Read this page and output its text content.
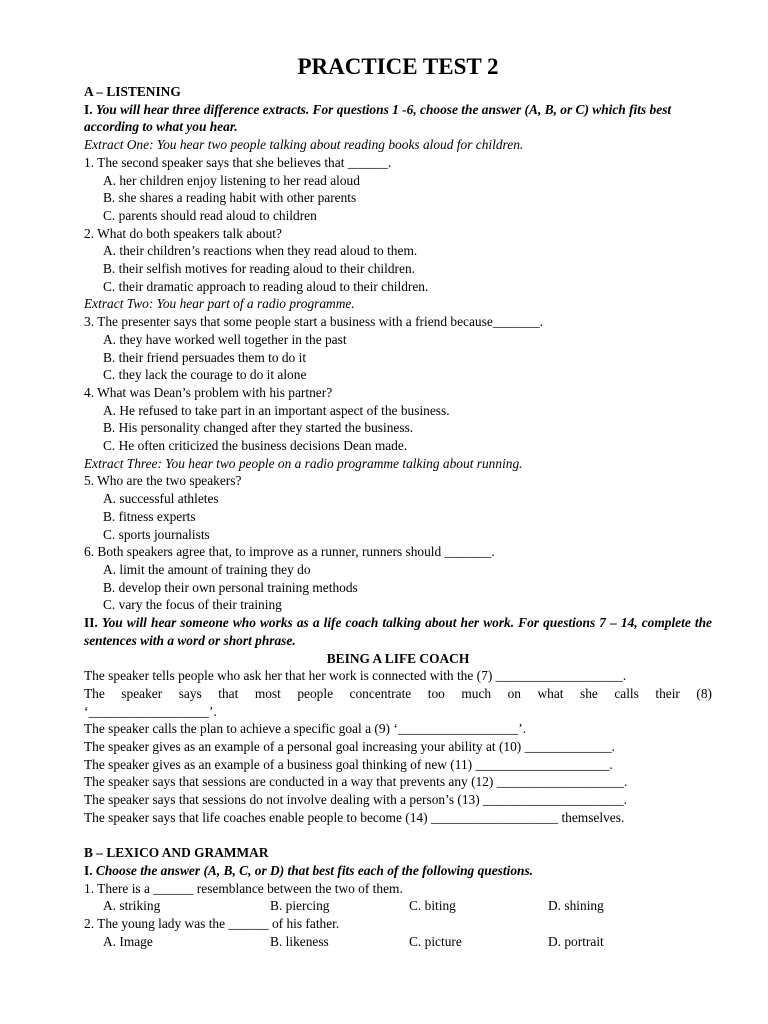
PRACTICE TEST 2
A – LISTENING
I. You will hear three difference extracts. For questions 1 -6, choose the answer (A, B, or C) which fits best according to what you hear.
Extract One: You hear two people talking about reading books aloud for children.
1. The second speaker says that she believes that ______.
A. her children enjoy listening to her read aloud
B. she shares a reading habit with other parents
C. parents should read aloud to children
2. What do both speakers talk about?
A. their children’s reactions when they read aloud to them.
B. their selfish motives for reading aloud to their children.
C. their dramatic approach to reading aloud to their children.
Extract Two: You hear part of a radio programme.
3. The presenter says that some people start a business with a friend because_______.
A. they have worked well together in the past
B. their friend persuades them to do it
C. they lack the courage to do it alone
4. What was Dean’s problem with his partner?
A. He refused to take part in an important aspect of the business.
B. His personality changed after they started the business.
C. He often criticized the business decisions Dean made.
Extract Three: You hear two people on a radio programme talking about running.
5. Who are the two speakers?
A. successful athletes
B. fitness experts
C. sports journalists
6. Both speakers agree that, to improve as a runner, runners should _______.
A. limit the amount of training they do
B. develop their own personal training methods
C. vary the focus of their training
II. You will hear someone who works as a life coach talking about her work. For questions 7 – 14, complete the sentences with a word or short phrase.
BEING A LIFE COACH
The speaker tells people who ask her that her work is connected with the (7) ___________________.
The speaker says that most people concentrate too much on what she calls their (8)
‘__________________’.
The speaker calls the plan to achieve a specific goal a (9) ‘__________________’.
The speaker gives as an example of a personal goal increasing your ability at (10) _____________.
The speaker gives as an example of a business goal thinking of new (11) ____________________.
The speaker says that sessions are conducted in a way that prevents any (12) ___________________.
The speaker says that sessions do not involve dealing with a person’s (13) _____________________.
The speaker says that life coaches enable people to become (14) ___________________ themselves.
B – LEXICO AND GRAMMAR
I. Choose the answer (A, B, C, or D) that best fits each of the following questions.
1. There is a ______ resemblance between the two of them.
A. striking	B. piercing	C. biting	D. shining
2. The young lady was the ______ of his father.
A. Image	B. likeness	C. picture	D. portrait
